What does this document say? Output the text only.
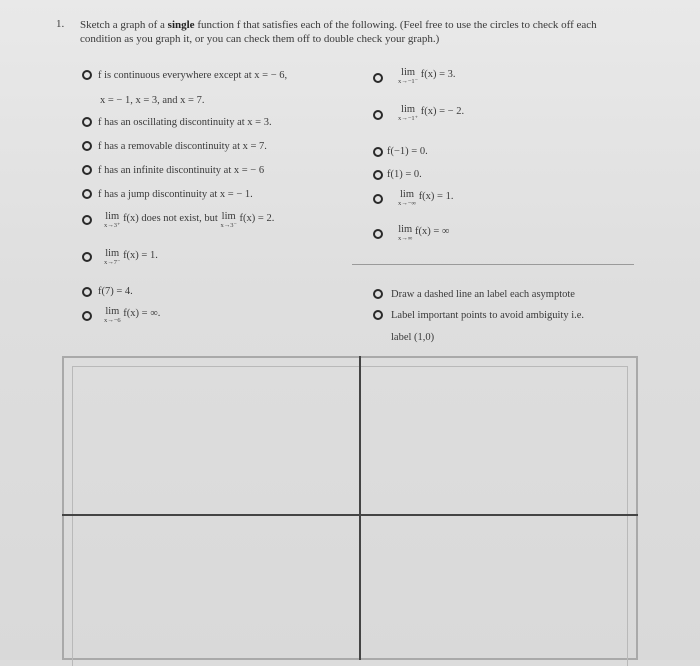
1. Sketch a graph of a single function f that satisfies each of the following. (Feel free to use the circles to check off each condition as you graph it, or you can check them off to double check your graph.)
f is continuous everywhere except at x = − 6,
x = − 1, x = 3, and x = 7.
f has an oscillating discontinuity at x = 3.
f has a removable discontinuity at x = 7.
f has an infinite discontinuity at x = − 6
f has a jump discontinuity at x = − 1.
lim
x→3⁺
f(x) does not exist, but lim
x→3⁻
f(x) = 2.
lim
x→7⁻
f(x) = 1.
f(7) = 4.
lim
x→−6
f(x) = ∞.
lim
x→−1⁻
f(x) = 3.
lim
x→−1⁺
f(x) = − 2.
f(−1) = 0.
f(1) = 0.
lim
x→−∞
f(x) = 1.
lim
x→∞
f(x) = ∞
Draw a dashed line an label each asymptote
Label important points to avoid ambiguity i.e.
label (1,0)
